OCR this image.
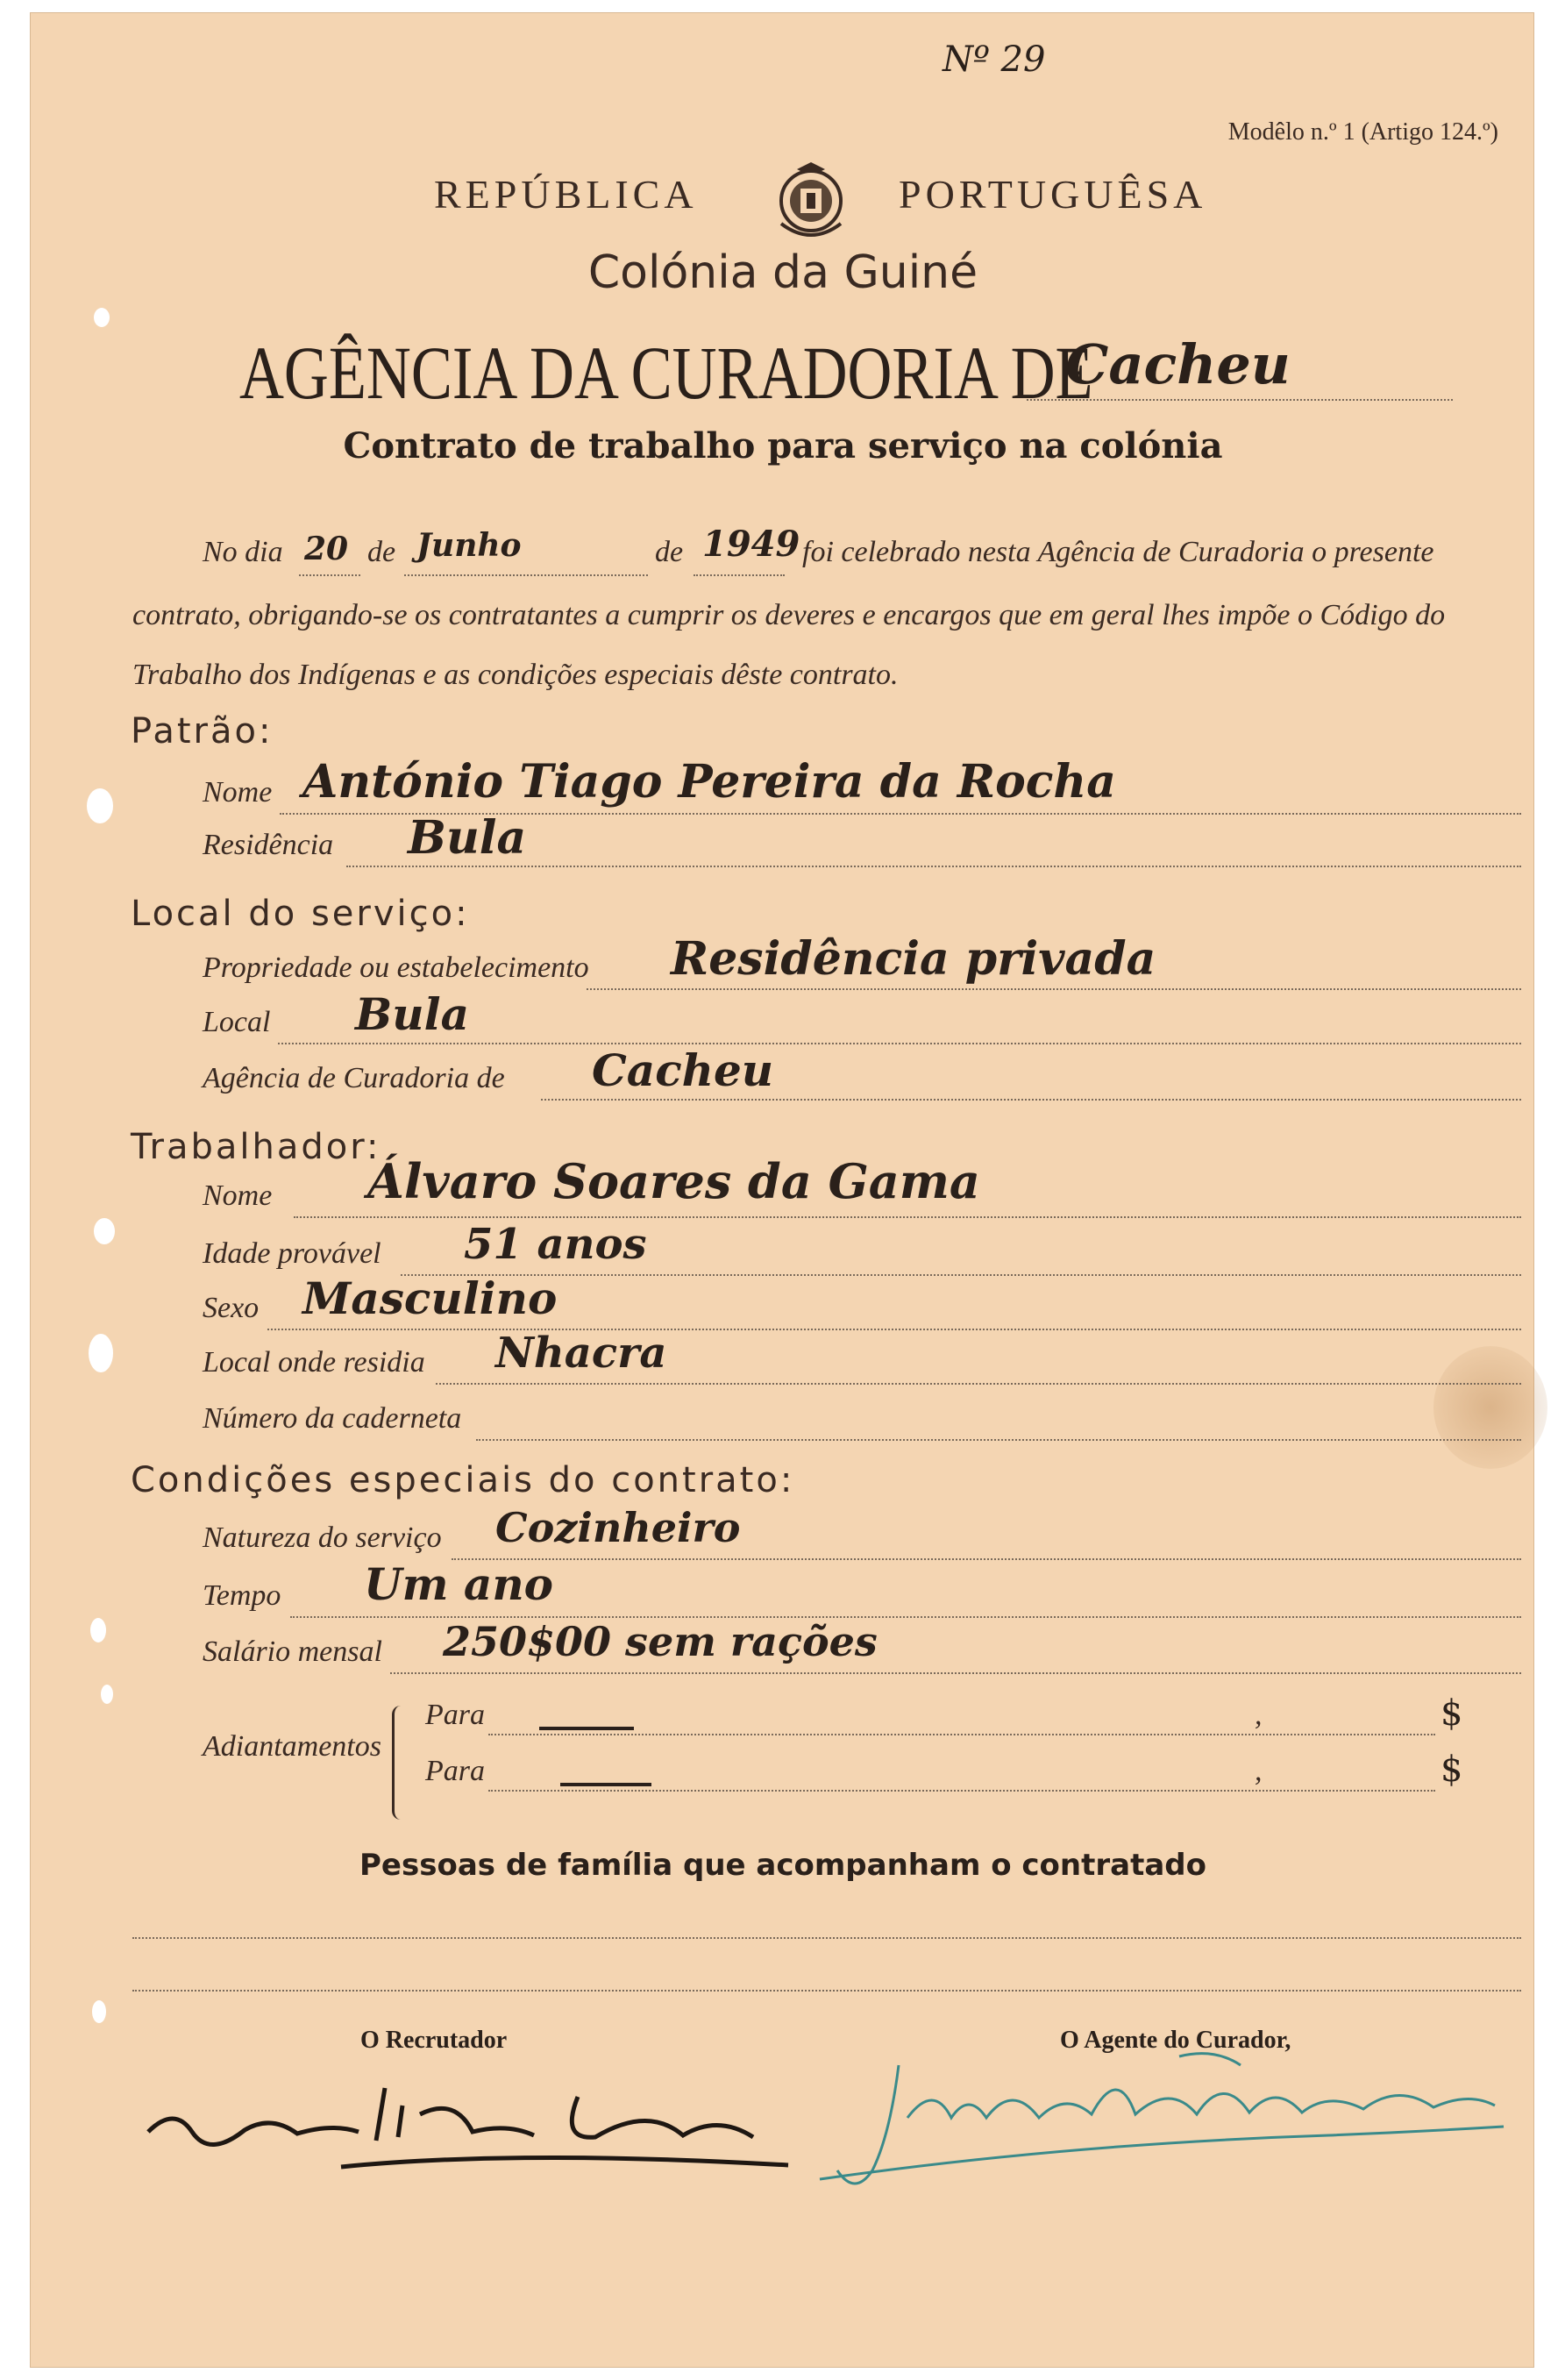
Nº 29
Modêlo n.º 1 (Artigo 124.º)
REPÚBLICA	PORTUGUÊSA
Colónia da Guiné
AGÊNCIA DA CURADORIA DE
Cacheu
Contrato de trabalho para serviço na colónia
No dia 20 de Junho	de 1949 foi celebrado nesta Agência de Curadoria o presente
contrato, obrigando-se os contratantes a cumprir os deveres e encargos que em geral lhes impõe o Código do
Trabalho dos Indígenas e as condições especiais dêste contrato.
Patrão:
Nome António Tiago Pereira da Rocha
Residência Bula
Local do serviço:
Propriedade ou estabelecimento Residência privada
Local Bula
Agência de Curadoria de Cacheu
Trabalhador:
Nome Álvaro Soares da Gama
Idade provável 51 anos
Sexo Masculino
Local onde residia Nhacra
Número da caderneta
Condições especiais do contrato:
Natureza do serviço Cozinheiro
Tempo Um ano
Salário mensal 250$00 sem rações
Adiantamentos
Para	,	$
Para	,	$
Pessoas de família que acompanham o contratado
O Recrutador	O Agente do Curador,
